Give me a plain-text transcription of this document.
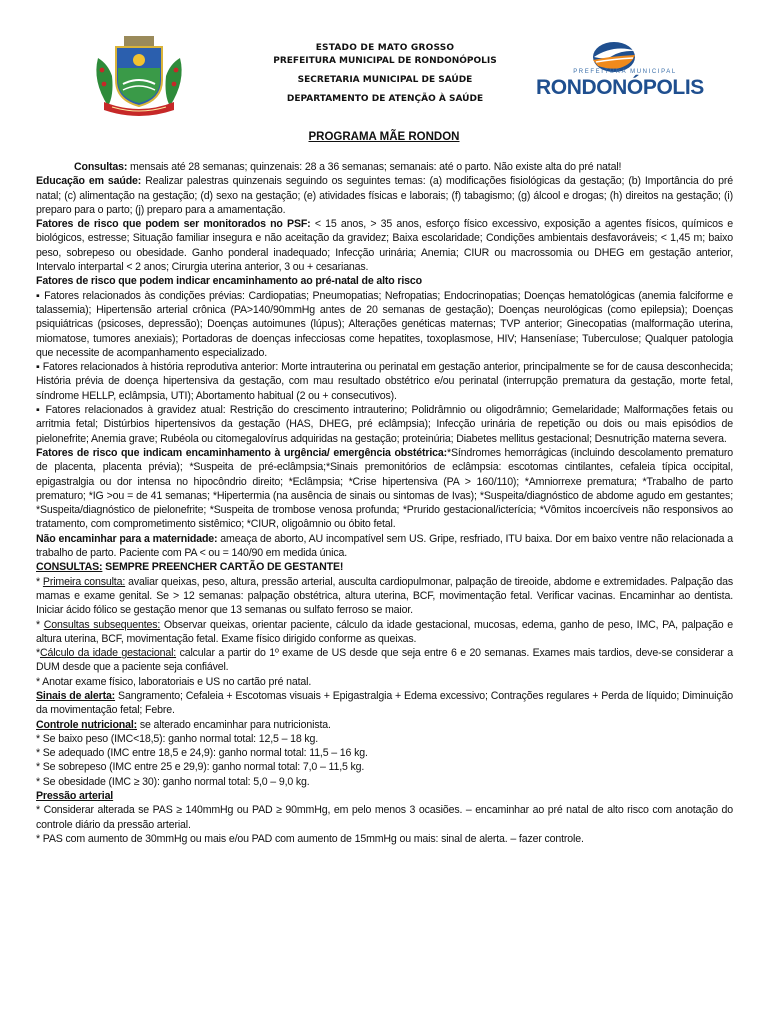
ESTADO DE MATO GROSSO
PREFEITURA MUNICIPAL DE RONDONÓPOLIS
SECRETARIA MUNICIPAL DE SAÚDE
DEPARTAMENTO DE ATENÇÃO À SAÚDE
PREFEITURA MUNICIPAL
RONDONÓPOLIS
PROGRAMA MÃE RONDON

Consultas: mensais até 28 semanas; quinzenais: 28 a 36 semanas; semanais: até o parto. Não existe alta do pré natal!

Educação em saúde: Realizar palestras quinzenais seguindo os seguintes temas: (a) modificações fisiológicas da gestação; (b) Importância do pré natal; (c) alimentação na gestação; (d) sexo na gestação; (e) atividades físicas e laborais; (f) tabagismo; (g) álcool e drogas; (h) direitos na gestação; (i) preparo para o parto; (j) preparo para a amamentação.

Fatores de risco que podem ser monitorados no PSF: < 15 anos, > 35 anos, esforço físico excessivo, exposição a agentes físicos, químicos e biológicos, estresse; Situação familiar insegura e não aceitação da gravidez; Baixa escolaridade; Condições ambientais desfavoráveis; < 1,45 m; baixo peso, sobrepeso ou obesidade. Ganho ponderal inadequado; Infecção urinária; Anemia; CIUR ou macrossomia ou DHEG em gestação anterior, Intervalo interpartal < 2 anos; Cirurgia uterina anterior, 3 ou + cesarianas.

Fatores de risco que podem indicar encaminhamento ao pré-natal de alto risco

▪ Fatores relacionados às condições prévias: Cardiopatias; Pneumopatias; Nefropatias; Endocrinopatias; Doenças hematológicas (anemia falciforme e talassemia); Hipertensão arterial crônica (PA>140/90mmHg antes de 20 semanas de gestação); Doenças neurológicas (como epilepsia); Doenças psiquiátricas (psicoses, depressão); Doenças autoimunes (lúpus); Alterações genéticas maternas; TVP anterior; Ginecopatias (malformação uterina, miomatose, tumores anexiais); Portadoras de doenças infecciosas come hepatites, toxoplasmose, HIV; Hanseníase; Tuberculose; Qualquer patologia que necessite de acompanhamento especializado.

▪ Fatores relacionados à história reprodutiva anterior: Morte intrauterina ou perinatal em gestação anterior, principalmente se for de causa desconhecida; História prévia de doença hipertensiva da gestação, com mau resultado obstétrico e/ou perinatal (interrupção prematura da gestação, morte fetal, síndrome HELLP, eclâmpsia, UTI); Abortamento habitual (2 ou + consecutivos).

▪ Fatores relacionados à gravidez atual: Restrição do crescimento intrauterino; Polidrâmnio ou oligodrâmnio; Gemelaridade; Malformações fetais ou arritmia fetal; Distúrbios hipertensivos da gestação (HAS, DHEG, pré eclâmpsia); Infecção urinária de repetição ou dois ou mais episódios de pielonefrite; Anemia grave; Rubéola ou citomegalovírus adquiridas na gestação; proteinúria; Diabetes mellitus gestacional; Desnutrição materna severa.

Fatores de risco que indicam encaminhamento à urgência/ emergência obstétrica:*Síndromes hemorrágicas (incluindo descolamento prematuro de placenta, placenta prévia); *Suspeita de pré-eclâmpsia;*Sinais premonitórios de eclâmpsia: escotomas cintilantes, cefaleia típica occipital, epigastralgia ou dor intensa no hipocôndrio direito; *Eclâmpsia; *Crise hipertensiva (PA > 160/110); *Amniorrexe prematura; *Trabalho de parto prematuro; *IG >ou = de 41 semanas; *Hipertermia (na ausência de sinais ou sintomas de Ivas); *Suspeita/diagnóstico de abdome agudo em gestantes; *Suspeita/diagnóstico de pielonefrite; *Suspeita de trombose venosa profunda; *Prurido gestacional/icterícia; *Vômitos incoercíveis não responsivos ao tratamento, com comprometimento sistêmico; *CIUR, oligoâmnio ou óbito fetal.

Não encaminhar para a maternidade: ameaça de aborto, AU incompatível sem US. Gripe, resfriado, ITU baixa. Dor em baixo ventre não relacionada a trabalho de parto. Paciente com PA < ou = 140/90 em medida única.

CONSULTAS: SEMPRE PREENCHER CARTÃO DE GESTANTE!

* Primeira consulta: avaliar queixas, peso, altura, pressão arterial, ausculta cardiopulmonar, palpação de tireoide, abdome e extremidades. Palpação das mamas e exame genital. Se > 12 semanas: palpação obstétrica, altura uterina, BCF, movimentação fetal. Verificar vacinas. Encaminhar ao dentista. Iniciar ácido fólico se gestação menor que 13 semanas ou sulfato ferroso se maior.

* Consultas subsequentes: Observar queixas, orientar paciente, cálculo da idade gestacional, mucosas, edema, ganho de peso, IMC, PA, palpação e altura uterina, BCF, movimentação fetal. Exame físico dirigido conforme as queixas.

*Cálculo da idade gestacional: calcular a partir do 1º exame de US desde que seja entre 6 e 20 semanas. Exames mais tardios, deve-se considerar a DUM desde que a paciente seja confiável.

* Anotar exame físico, laboratoriais e US no cartão pré natal.

Sinais de alerta: Sangramento; Cefaleia + Escotomas visuais + Epigastralgia + Edema excessivo; Contrações regulares + Perda de líquido; Diminuição da movimentação fetal; Febre.

Controle nutricional: se alterado encaminhar para nutricionista.

* Se baixo peso (IMC<18,5): ganho normal total: 12,5 – 18 kg.

* Se adequado (IMC entre 18,5 e 24,9): ganho normal total: 11,5 – 16 kg.

* Se sobrepeso (IMC entre 25 e 29,9): ganho normal total: 7,0 – 11,5 kg.

* Se obesidade (IMC ≥ 30): ganho normal total: 5,0 – 9,0 kg.

Pressão arterial

* Considerar alterada se PAS ≥ 140mmHg ou PAD ≥ 90mmHg, em pelo menos 3 ocasiões. – encaminhar ao pré natal de alto risco com anotação do controle diário da pressão arterial.

* PAS com aumento de 30mmHg ou mais e/ou PAD com aumento de 15mmHg ou mais: sinal de alerta. – fazer controle.
